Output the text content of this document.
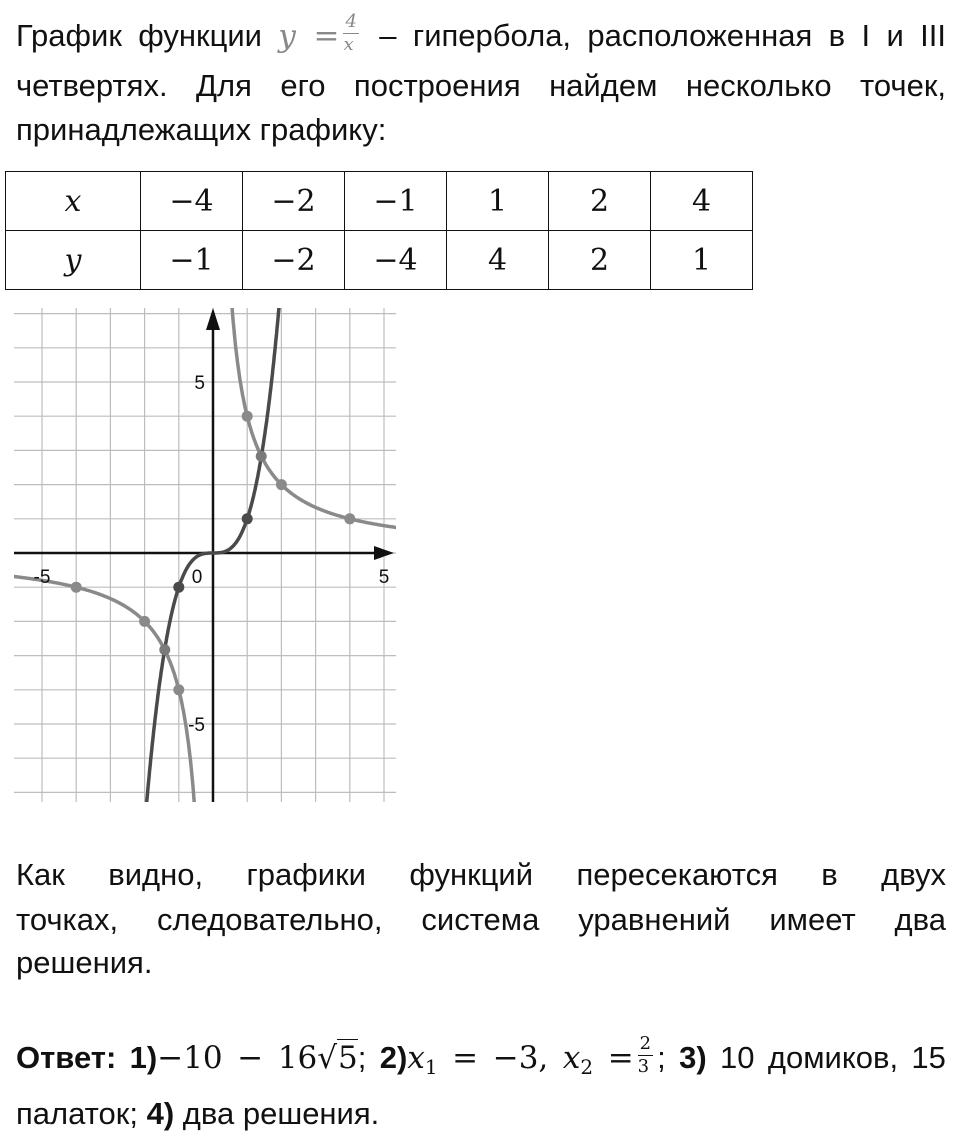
График функции $y = \frac{4}{x}$ – гипербола, расположенная в I и III
четвертях. Для его построения найдем несколько точек,
принадлежащих графику:
x	−4	−2	−1	1	2	4
y	−1	−2	−4	4	2	1
-5	0	5
5
-5
Как видно, графики функций пересекаются в двух
точках, следовательно, система уравнений имеет два
решения.
Ответ: 1)−10 − 16√5; $2)x_1 = -3$, $x_2 = \frac{2}{3}$ ; 3) 10 домиков, 15
палаток; 4) два решения.
